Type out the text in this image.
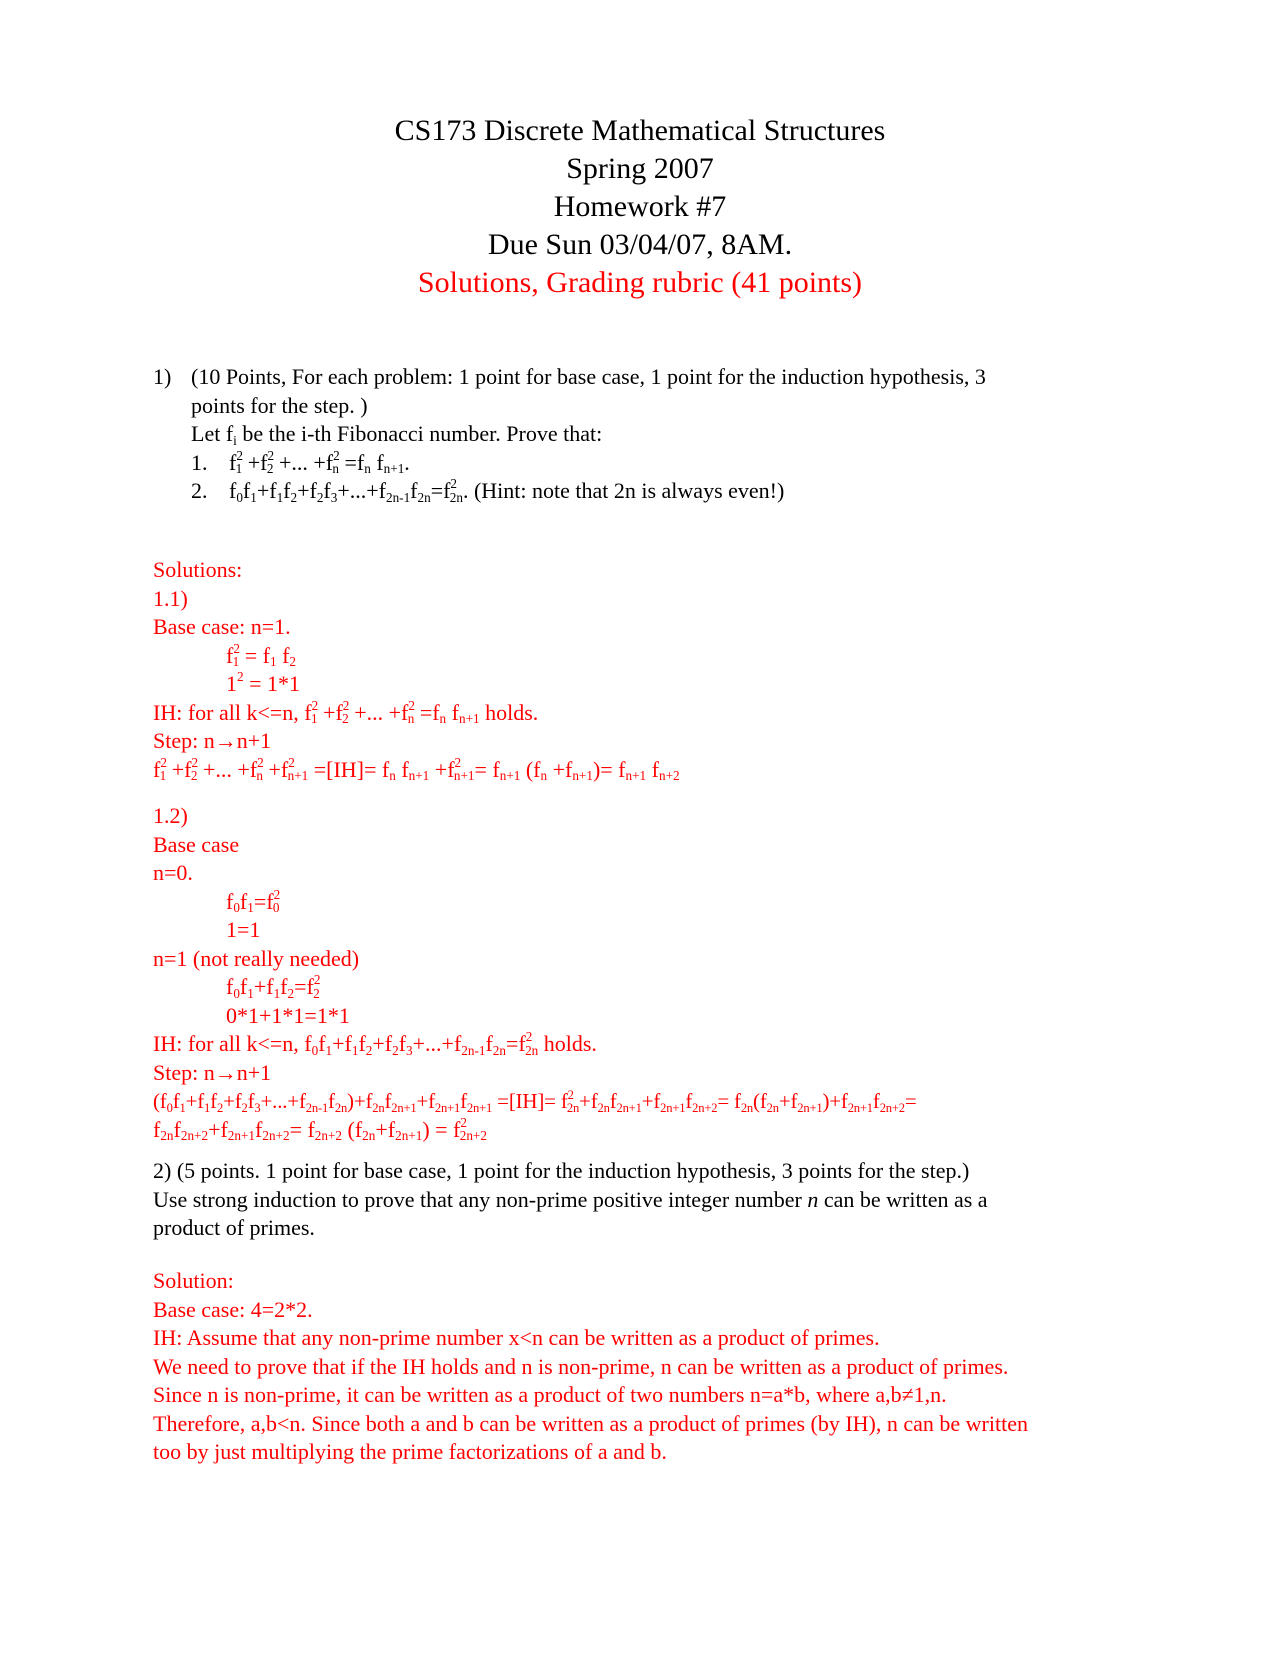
CS173 Discrete Mathematical Structures
Spring 2007
Homework #7
Due Sun 03/04/07, 8AM.
Solutions, Grading rubric (41 points)
1) (10 Points, For each problem: 1 point for base case, 1 point for the induction hypothesis, 3
points for the step. )
Let $f_i$ be the i-th Fibonacci number. Prove that:
1. $f^2_1 +f^2_2$ +... $+f^2_n =f_n$ $f_{n+1}$.
2. $f_0f_1+f_1f_2+f_2f_3+...+f_{2n-1}f_{2n}=f^2_{2n}$. (Hint: note that 2n is always even!)
Solutions:
1.1)
Base case: n=1.
$f^2_1 = f_1$ $f_2$
$1^2 = 1*1$
IH: for all k<=n, $f^2_1 +f^2_2$ +... $+f^2_n =f_n$ $f_{n+1}$ holds.
Step: n→n+1
$f^2_1 +f^2_2$ +... $+f^2_n +f^2_{n+1} =[IH]= f_n$ $f_{n+1} +f^2_{n+1}= f_{n+1}$ $(f_n +f_{n+1})= f_{n+1}$ $f_{n+2}$
1.2)
Base case
n=0.
$f_0f_1=f^2_0$
1=1
n=1 (not really needed)
$f_0f_1+f_1f_2=f^2_2$
0*1+1*1=1*1
IH: for all k<=n, $f_0f_1+f_1f_2+f_2f_3+...+f_{2n-1}f_{2n}=f^2_{2n}$ holds.
Step: n→n+1
$(f_0f_1+f_1f_2+f_2f_3+...+f_{2n-1}f_{2n})+f_{2n}f_{2n+1}+f_{2n+1}f_{2n+1} =[IH]= f^2_{2n}+f_{2n}f_{2n+1}+f_{2n+1}f_{2n+2}= f_{2n}(f_{2n}+f_{2n+1})+f_{2n+1}f_{2n+2}=$
$f_{2n}f_{2n+2}+f_{2n+1}f_{2n+2}= f_{2n+2}$ $(f_{2n}+f_{2n+1}) = f^2_{2n+2}$
2) (5 points. 1 point for base case, 1 point for the induction hypothesis, 3 points for the step.)
Use strong induction to prove that any non-prime positive integer number n can be written as a
product of primes.
Solution:
Base case: 4=2*2.
IH: Assume that any non-prime number x<n can be written as a product of primes.
We need to prove that if the IH holds and n is non-prime, n can be written as a product of primes.
Since n is non-prime, it can be written as a product of two numbers n=a*b, where a,b≠1,n.
Therefore, a,b<n. Since both a and b can be written as a product of primes (by IH), n can be written
too by just multiplying the prime factorizations of a and b.
